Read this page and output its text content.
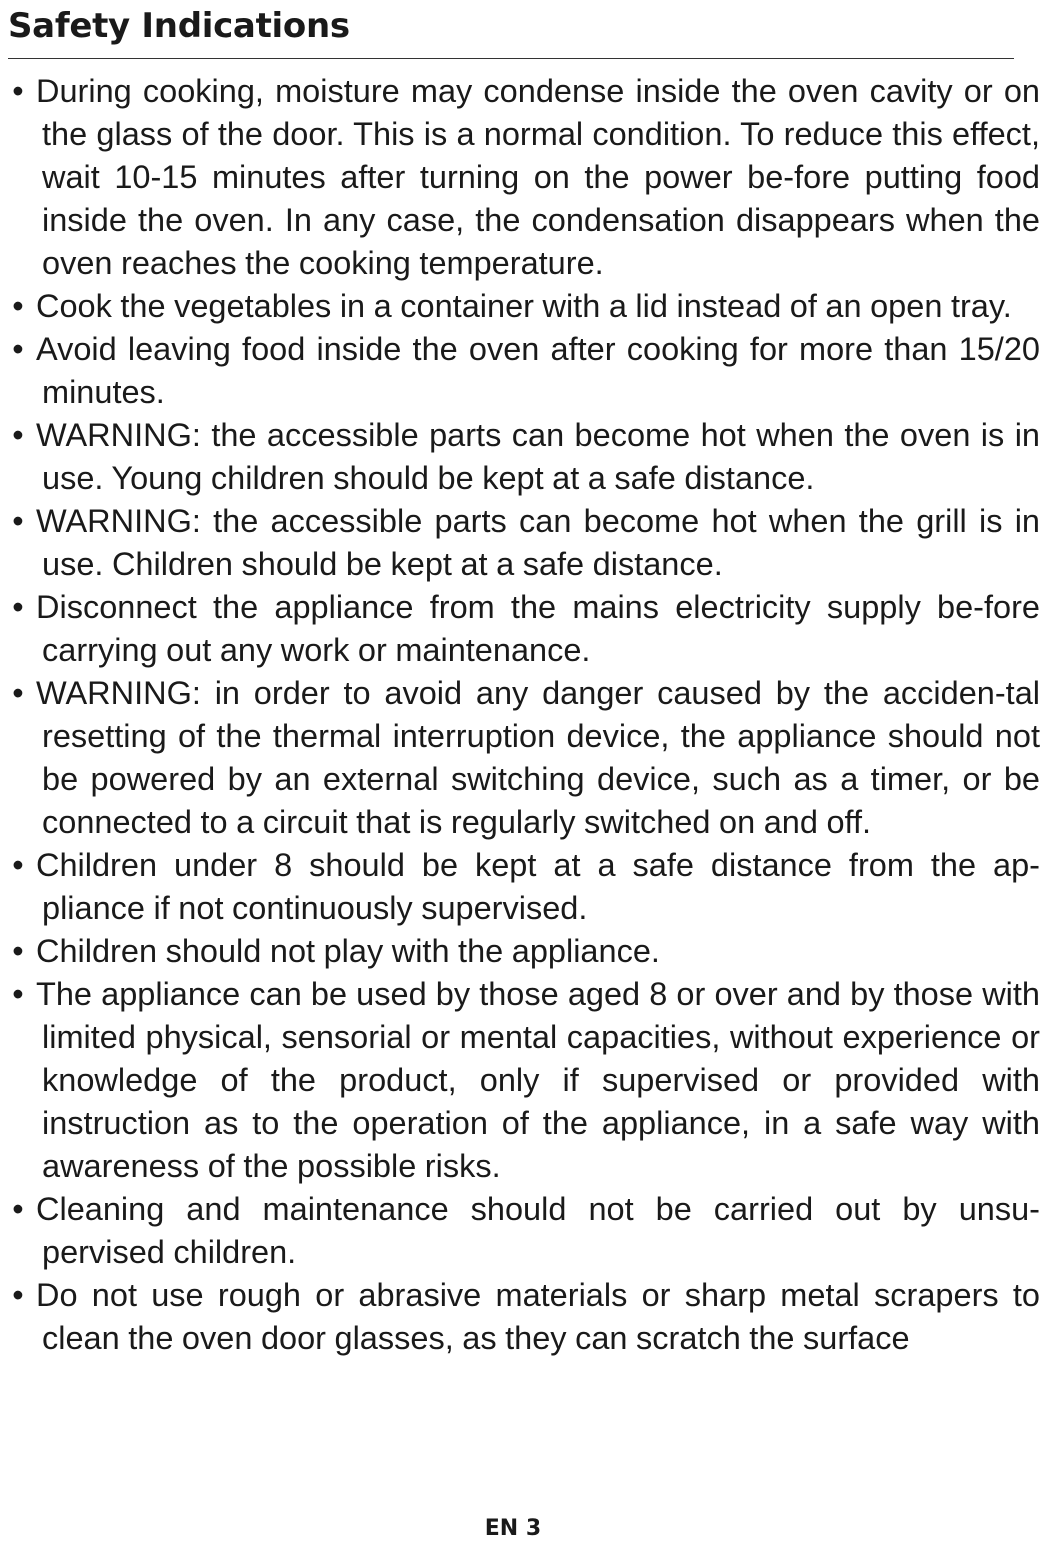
Safety Indications
• During cooking, moisture may condense inside the oven cavity or on the glass of the door. This is a normal condition. To reduce this effect, wait 10-15 minutes after turning on the power be-fore putting food inside the oven. In any case, the condensation disappears when the oven reaches the cooking temperature.
• Cook the vegetables in a container with a lid instead of an open tray.
• Avoid leaving food inside the oven after cooking for more than 15/20 minutes.
• WARNING: the accessible parts can become hot when the oven is in use. Young children should be kept at a safe distance.
• WARNING: the accessible parts can become hot when the grill is in use. Children should be kept at a safe distance.
• Disconnect the appliance from the mains electricity supply be-fore carrying out any work or maintenance.
• WARNING: in order to avoid any danger caused by the acciden-tal resetting of the thermal interruption device, the appliance should not be powered by an external switching device, such as a timer, or be connected to a circuit that is regularly switched on and off.
• Children under 8 should be kept at a safe distance from the ap-pliance if not continuously supervised.
• Children should not play with the appliance.
• The appliance can be used by those aged 8 or over and by those with limited physical, sensorial or mental capacities, without experience or knowledge of the product, only if supervised or provided with instruction as to the operation of the appliance, in a safe way with awareness of the possible risks.
• Cleaning and maintenance should not be carried out by unsu-pervised children.
• Do not use rough or abrasive materials or sharp metal scrapers to clean the oven door glasses, as they can scratch the surface
EN 3
